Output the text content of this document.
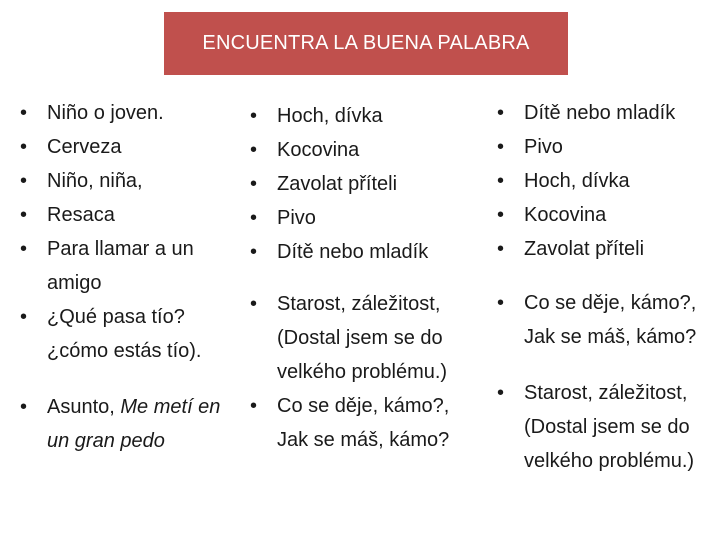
ENCUENTRA LA BUENA PALABRA
• Niño o joven.
• Cerveza
• Niño, niña,
• Resaca
• Para llamar a un amigo
• ¿Qué pasa tío? ¿cómo estás tío).
• Asunto, Me metí en un gran pedo
• Hoch, dívka
• Kocovina
• Zavolat příteli
• Pivo
• Dítě nebo mladík
• Starost, záležitost, (Dostal jsem se do velkého problému.)
• Co se děje, kámo?, Jak se máš, kámo?
• Dítě nebo mladík
• Pivo
• Hoch, dívka
• Kocovina
• Zavolat příteli
• Co se děje, kámo?, Jak se máš, kámo?
• Starost, záležitost, (Dostal jsem se do velkého problému.)
